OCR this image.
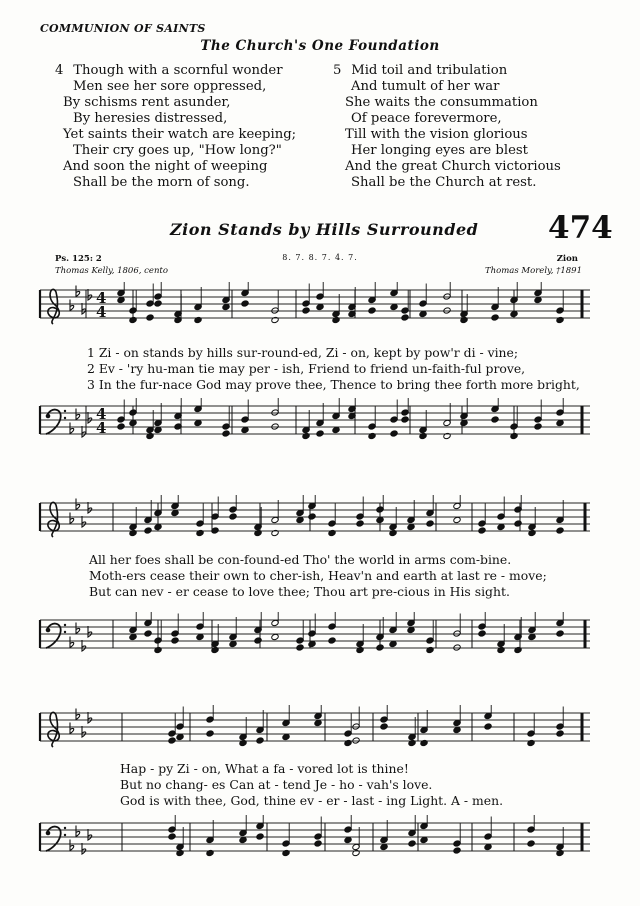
COMMUNION OF SAINTS
The Church's One Foundation
4 Though with a scornful wonder
Men see her sore oppressed,
By schisms rent asunder,
By heresies distressed,
Yet saints their watch are keeping;
Their cry goes up, "How long?"
And soon the night of weeping
Shall be the morn of song.
5 Mid toil and tribulation
And tumult of her war
She waits the consummation
Of peace forevermore,
Till with the vision glorious
Her longing eyes are blest
And the great Church victorious
Shall be the Church at rest.
Zion Stands by Hills Surrounded 474
8. 7. 8. 7. 4. 7.
Ps. 125: 2
Thomas Kelly, 1806, cento
Zion
Thomas Morely, †1891
4
4
1 Zi - on stands by hills sur-round-ed, Zi - on, kept by pow'r di - vine;
2 Ev - 'ry hu-man tie may per - ish, Friend to friend un-faith-ful prove,
3 In the fur-nace God may prove thee, Thence to bring thee forth more bright,
4
4
All her foes shall be con-found-ed Tho' the world in arms com-bine.
Moth-ers cease their own to cher-ish, Heav'n and earth at last re - move;
But can nev - er cease to love thee; Thou art pre-cious in His sight.
Hap - py Zi - on, What a fa - vored lot is thine!
But no chang- es Can at - tend Je - ho - vah's love.
God is with thee, God, thine ev - er - last - ing Light. A - men.
